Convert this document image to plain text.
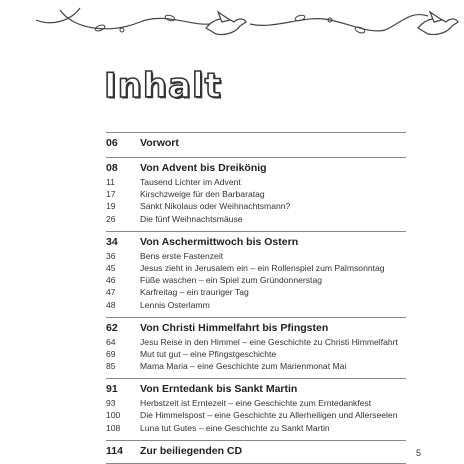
Inhalt
06	Vorwort
08	Von Advent bis Dreikönig
11	Tausend Lichter im Advent
17	Kirschzweige für den Barbaratag
19	Sankt Nikolaus oder Weihnachtsmann?
26	Die fünf Weihnachtsmäuse
34	Von Aschermittwoch bis Ostern
36	Bens erste Fastenzeit
45	Jesus zieht in Jerusalem ein – ein Rollenspiel zum Palmsonntag
46	Füße waschen – ein Spiel zum Gründonnerstag
47	Karfreitag – ein trauriger Tag
48	Lennis Osterlamm
62	Von Christi Himmelfahrt bis Pfingsten
64	Jesu Reise in den Himmel – eine Geschichte zu Christi Himmelfahrt
69	Mut tut gut – eine Pfingstgeschichte
85	Mama Maria – eine Geschichte zum Marienmonat Mai
91	Von Erntedank bis Sankt Martin
93	Herbstzeit ist Erntezeit – eine Geschichte zum Erntedankfest
100	Die Himmelspost – eine Geschichte zu Allerheiligen und Allerseelen
108	Luna tut Gutes – eine Geschichte zu Sankt Martin
114	Zur beiliegenden CD	5
